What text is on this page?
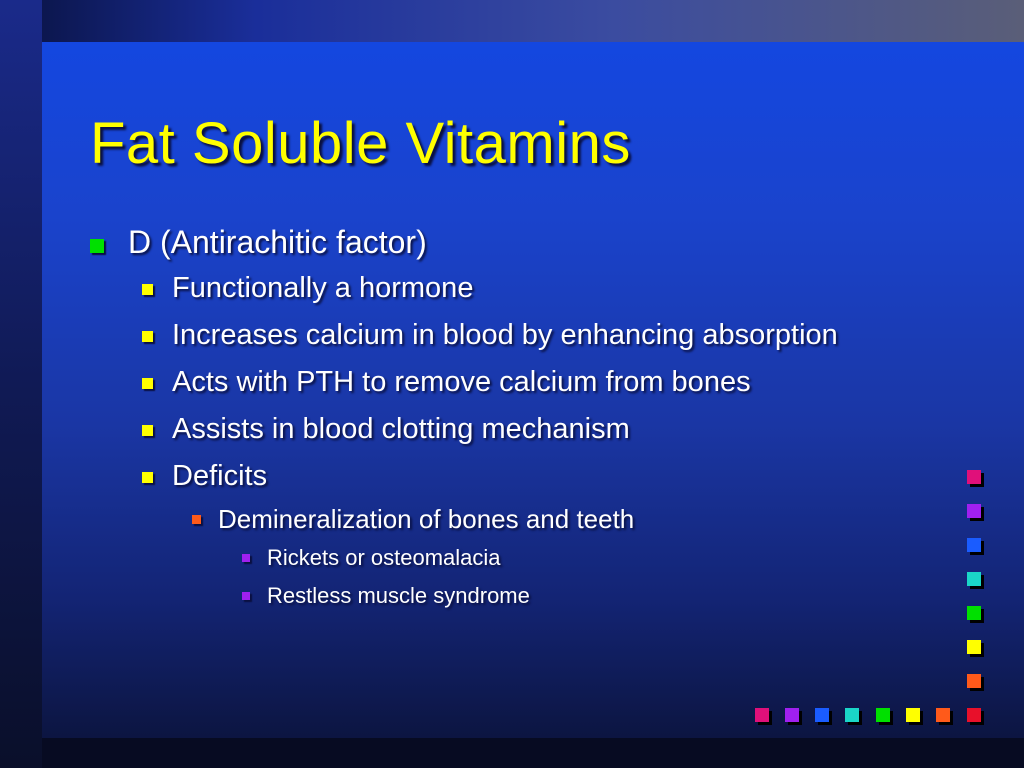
Fat Soluble Vitamins
D (Antirachitic factor)
Functionally a hormone
Increases calcium in blood by enhancing absorption
Acts with PTH to remove calcium from bones
Assists in blood clotting mechanism
Deficits
Demineralization of bones and teeth
Rickets or osteomalacia
Restless muscle syndrome
